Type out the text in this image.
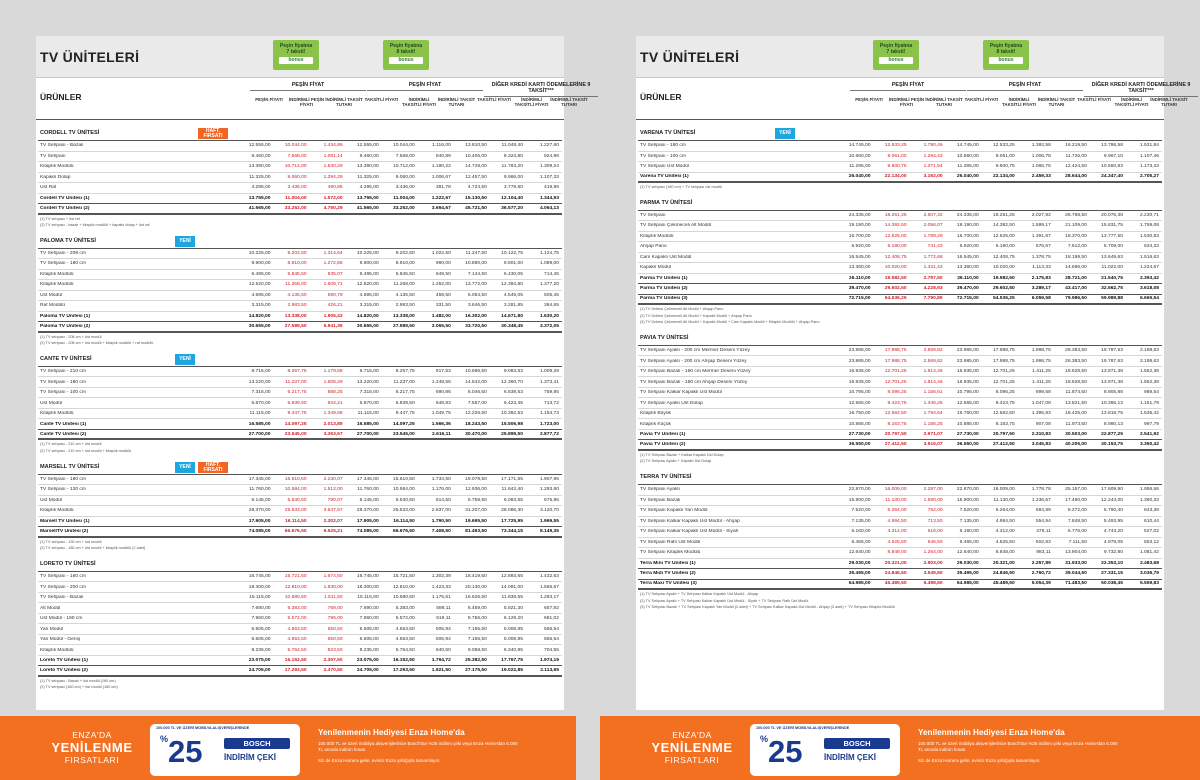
TV ÜNİTELERİ
Peşin fiyatına
7 taksit!
bonus
Peşin fiyatına
8 taksit!
bonus
ÜRÜNLER
PEŞİN FİYAT	PEŞİN FİYAT	DİĞER KREDİ KARTI ÖDEMELERİNE 9 TAKSİT***
PEŞİN FİYATI	İNDİRİMLİ PEŞİN FİYATI
İNDİRİMLİ TAKSİT TUTARI
TAKSİTLİ FİYATI	İNDİRİMLİ TAKSİTLİ FİYATI
İNDİRİMLİ TAKSİT TUTARI
TAKSİTLİ FİYATI	İNDİRİMLİ TAKSİTLİ FİYATI
İNDİRİMLİ TAKSİT TUTARI
CORDELL TV ÜNİTESİ	HAFT. FIRSATI
TV Sehpası - Bazalı	12.555,00	10.044,00	1.434,86	12.555,00	10.044,00	1.116,00	13.810,50	11.048,40	1.227,60
TV Sehpası	9.460,00	7.568,00	1.081,14	9.460,00	7.568,00	840,89	10.406,00	8.324,80	924,98
Kitaplık Modülü	13.390,00	10.712,00	1.530,29	13.390,00	10.712,00	1.190,22	14.729,00	11.783,20	1.309,24
Kapaklı Dolap	11.325,00	9.060,00	1.294,29	11.325,00	9.060,00	1.006,67	12.457,50	9.966,00	1.107,33
Üst Raf	4.295,00	3.436,00	490,86	4.295,00	3.436,00	381,78	4.724,50	3.779,60	419,96
Cordell TV Ünitesi (1)	13.755,00	11.004,00	1.572,00	13.755,00	11.004,00	1.222,67	15.130,50	12.104,40	1.344,93
Cordell TV Ünitesi (2)	41.565,00	33.252,00	4.750,29	41.565,00	33.252,00	3.694,67	45.721,50	36.577,20	4.064,13
(1) TV sehpası + üst raf
(2) TV sehpası - bazalı + kitaplık modülü + kapaklı dolap + üst raf
PALOMA TV ÜNİTESİ	YENİ
TV Sehpası - 208 cm	10.225,00	9.202,50	1.314,64	10.225,00	9.202,50	1.022,50	11.247,50	10.122,75	1.124,75
TV Sehpası - 180 cm	9.900,00	8.910,00	1.272,86	9.900,00	8.910,00	990,00	10.890,00	9.801,00	1.089,00
Kitaplık Modülü	6.495,00	5.845,50	835,07	6.495,00	5.845,50	649,50	7.144,50	6.430,05	714,45
Kitaplık Modülü	12.520,00	11.268,00	1.609,71	12.520,00	11.268,00	1.252,00	13.772,00	12.394,80	1.377,20
Üst Modül	4.595,00	4.135,50	590,79	4.595,00	4.135,50	459,50	5.054,50	4.549,05	505,45
Raf Modülü	3.315,00	2.983,50	426,21	3.315,00	2.983,50	331,50	3.646,50	3.281,85	364,65
Paloma TV Ünitesi (1)	14.820,00	13.338,00	1.905,43	14.820,00	13.338,00	1.482,00	16.302,00	14.671,80	1.630,20
Paloma TV Ünitesi (2)	30.655,00	27.589,50	5.941,36	30.655,00	27.589,50	3.065,50	33.720,50	30.348,45	3.372,05
(1) TV sehpası - 208 cm + üst modül
(2) TV sehpası - 208 cm + üst modül + kitaplık modülü + raf modülü
CANTE TV ÜNİTESİ	YENİ
TV Sehpası - 210 cm	9.715,00	8.257,75	1.179,68	9.715,00	8.257,75	917,53	10.686,50	9.083,53	1.009,28
TV Sehpası - 180 cm	13.220,00	11.237,00	1.605,29	13.220,00	11.237,00	1.248,56	14.542,00	12.360,70	1.373,41
TV Sehpası - 100 cm	7.315,00	6.217,75	888,25	7.315,00	6.217,75	690,86	8.046,50	6.839,53	759,95
Üst Modül	6.870,00	5.839,50	834,21	6.870,00	5.839,50	648,83	7.557,00	6.423,45	713,72
Kitaplık Modülü	11.115,00	9.447,75	1.349,68	11.115,00	9.447,75	1.049,75	12.226,50	10.392,53	1.154,73
Cante TV Ünitesi (1)	16.585,00	14.097,25	2.013,89	16.585,00	14.097,25	1.566,36	18.243,50	15.506,98	1.723,00
Cante TV Ünitesi (2)	27.700,00	23.545,00	3.363,57	27.700,00	23.545,00	2.616,11	30.470,00	25.899,50	2.877,72
(1) TV sehpası - 210 cm + üst modül
(2) TV sehpası - 210 cm + üst modül + kitaplık modülü
MARSELL TV ÜNİTESİ	YENİ	HAFT. FIRSATI
TV Sehpası - 180 cm	17.345,00	15.610,50	2.230,07	17.345,00	15.610,50	1.734,50	19.079,50	17.171,55	1.907,95
TV Sehpası - 130 cm	11.760,00	10.584,00	1.512,00	11.760,00	10.584,00	1.176,00	12.936,00	11.642,40	1.293,60
Üst Modül	6.145,00	5.530,50	790,07	6.145,00	5.530,50	614,50	6.759,50	6.083,55	675,95
Kitaplık Modülü	28.370,00	25.533,00	3.647,57	28.370,00	25.533,00	2.837,00	31.207,00	28.086,30	3.120,70
Marsell TV Ünitesi (1)	17.905,00	16.114,50	2.302,07	17.905,00	16.114,50	1.790,50	19.695,50	17.725,95	1.969,55
MarsellTV Ünitesi (2)	74.085,00	66.676,50	9.525,21	74.085,00	66.676,50	7.408,50	81.493,50	73.344,15	8.149,35
(1) TV sehpası - 130 cm + üst modül
(2) TV sehpası - 180 cm + üst modül + kitaplık modülü (2 adet)
LORETO TV ÜNİTESİ
TV Sehpası - 160 cm	16.745,00	15.721,50	1.674,50	16.745,00	15.721,50	1.302,39	18.419,50	12.893,65	1.432,63
TV Sehpası - 200 cm	18.300,00	12.810,00	1.830,00	18.300,00	12.810,00	1.423,33	20.130,00	14.091,00	1.565,67
TV Sehpası - Bazalı	15.115,00	10.580,50	1.511,50	15.115,00	10.580,50	1.175,61	16.626,50	11.638,55	1.293,17
Alt Modül	7.690,00	5.383,00	769,00	7.690,00	5.383,00	598,11	8.459,00	5.921,30	657,92
Üst Modül - 160 cm	7.960,00	5.572,00	796,00	7.960,00	5.572,00	619,11	8.756,00	6.129,20	681,02
Yan Modül	6.505,00	4.553,50	650,50	6.505,00	4.553,50	505,94	7.155,50	5.008,85	556,54
Yan Modül - Geniş	6.505,00	4.553,50	650,50	6.505,00	4.553,50	505,94	7.155,50	5.008,85	556,54
Kitaplık Modülü	8.235,00	5.764,50	823,50	8.235,00	5.764,50	640,50	9.058,50	6.340,95	704,55
Loreto TV Ünitesi (1)	23.075,00	16.152,50	2.307,50	23.075,00	16.152,50	1.794,72	25.382,50	17.767,75	1.974,19
Loreto TV Ünitesi (2)	24.705,00	17.293,50	2.470,50	24.705,00	17.293,50	1.921,50	27.175,50	19.022,85	2.113,65
(1) TV sehpası - Bazalı + üst modül (160 cm)
(2) TV sehpası (160 cm) + üst modül (160 cm)
TV ÜNİTELERİ
Peşin fiyatına
7 taksit!
bonus
Peşin fiyatına
8 taksit!
bonus
ÜRÜNLER
PEŞİN FİYAT	PEŞİN FİYAT	DİĞER KREDİ KARTI ÖDEMELERİNE 9 TAKSİT***
PEŞİN FİYATI	İNDİRİMLİ PEŞİN FİYATI
İNDİRİMLİ TAKSİT TUTARI
TAKSİTLİ FİYATI	İNDİRİMLİ TAKSİTLİ FİYATI
İNDİRİMLİ TAKSİT TUTARI
TAKSİTLİ FİYATI	İNDİRİMLİ TAKSİTLİ FİYATI
İNDİRİMLİ TAKSİT TUTARI
VARENA TV ÜNİTESİ	YENİ
TV Sehpası - 180 cm	14.745,00	12.533,25	1.790,46	14.745,00	12.533,25	1.392,58	16.219,50	13.786,58	1.531,84
TV Sehpası - 100 cm	10.660,00	9.061,00	1.294,43	10.660,00	9.061,00	1.006,78	11.726,00	9.967,10	1.107,46
TV Sehpası Üst Modül	11.295,00	9.600,75	1.371,54	11.295,00	9.600,75	1.066,75	12.424,50	10.560,83	1.173,43
Varena TV Ünitesi (1)	26.040,00	22.134,00	3.162,00	26.040,00	22.134,00	2.459,33	28.644,00	24.347,40	2.705,27
(1) TV sehpası (180 cm) + TV sehpası üst modül
PARMA TV ÜNİTESİ
TV Sehpası	24.335,00	18.251,25	2.607,32	24.335,00	18.251,25	2.027,92	26.768,50	20.076,38	2.230,71
TV Sehpası Çekmeceli Alt Modül	19.190,00	14.392,50	2.056,07	19.190,00	14.392,50	1.599,17	21.109,00	15.831,75	1.759,08
Kitaplık Modülü	16.700,00	12.525,00	1.789,29	16.700,00	12.525,00	1.391,67	18.370,00	13.777,50	1.530,83
Ahşap Pano	6.920,00	5.190,00	741,43	6.920,00	5.190,00	576,67	7.612,00	5.709,00	634,33
Cam Kapaklı Üst Modül	16.545,00	12.408,75	1.772,68	16.545,00	12.408,75	1.378,75	18.199,50	13.649,63	1.516,63
Kapaklı Modül	13.360,00	10.020,00	1.431,43	13.360,00	10.020,00	1.113,33	14.696,00	11.022,00	1.224,67
Parma TV Ünitesi (1)	26.110,00	19.582,50	2.797,50	26.110,00	19.582,50	2.175,83	28.721,00	21.540,75	2.393,42
Parma TV Ünitesi (2)	39.470,00	29.602,50	4.228,93	39.470,00	29.602,50	3.289,17	43.417,00	32.562,75	3.618,08
Parma TV Ünitesi (3)	72.715,00	54.536,25	7.790,89	72.715,00	54.536,25	6.059,58	79.986,50	59.989,88	6.665,54
(1) TV Ünitesi Çekmeceli Alt Modül + Ahşap Pano
(2) TV Ünitesi Çekmeceli Alt Modül + Kapaklı Modül + Ahşap Pano
(3) TV Ünitesi Çekmeceli Alt Modül + Kapaklı Modül + Cam Kapaklı Modül + Kitaplık Modülü + Ahşap Pano
PAVIA TV ÜNİTESİ
TV Sehpası Ayaklı - 200 cm Mermer Deseni Yüzey	23.985,00	17.988,75	2.569,82	23.985,00	17.988,75	1.998,75	26.383,50	19.787,63	2.198,63
TV Sehpası Ayaklı - 200 cm Ahşap Deseni Yüzey	23.985,00	17.988,75	2.569,82	23.985,00	17.988,75	1.998,75	26.383,50	19.787,63	2.198,63
TV Sehpası Bazalı - 160 cm Mermer Deseni Yüzey	16.935,00	12.701,25	1.814,46	16.935,00	12.701,25	1.411,25	18.628,50	13.971,38	1.552,38
TV Sehpası Bazalı - 160 cm Ahşap Deseni Yüzey	16.935,00	12.701,25	1.814,46	16.935,00	12.701,25	1.411,25	18.628,50	13.971,38	1.552,38
TV Sehpası Kalkar Kapaklı Üst Modül	10.795,00	8.096,25	1.156,61	10.795,00	8.096,25	899,58	11.874,50	8.905,88	989,54
TV Sehpası Ayaklı Üst Dolap	12.565,00	9.423,75	1.346,25	12.565,00	9.423,75	1.047,08	13.821,50	10.366,13	1.151,79
Kitaplık Büyük	16.750,00	12.562,50	1.794,64	16.750,00	12.562,50	1.395,83	18.425,00	13.818,75	1.535,42
Kitaplık Küçük	10.885,00	8.163,75	1.166,25	10.885,00	8.163,75	907,08	11.973,50	8.980,13	997,79
Pavia TV Ünitesi (1)	27.730,00	20.797,50	2.971,07	27.730,00	20.797,50	2.310,83	30.503,00	22.877,25	2.541,92
Pavia TV Ünitesi (2)	36.550,00	27.412,50	3.916,07	36.550,00	27.412,50	3.045,83	40.205,00	30.153,75	3.350,42
(1) TV Sehpası Bazalı + Kalkar Kapaklı Üst Dolap
(2) TV Sehpası Ayaklı + Kapaklı Üst Dolap
TERRA TV ÜNİTESİ
TV Sehpası Ayaklı	22.870,00	16.009,00	2.287,00	22.870,00	16.009,00	1.778,78	25.157,00	17.609,90	1.956,66
TV Sehpası Bazalı	15.900,00	11.130,00	1.590,00	15.900,00	11.130,00	1.236,67	17.490,00	12.243,00	1.360,33
TV Sehpası Kapaklı Yan Modül	7.520,00	5.264,00	752,00	7.520,00	5.264,00	584,89	8.272,00	5.790,40	643,38
TV Sehpası Kalkar Kapaklı Üst Modül - Ahşap	7.135,00	4.994,50	713,50	7.135,00	4.994,50	554,94	7.848,50	5.493,95	610,44
TV Sehpası Kalkar Kapaklı Üst Modül - Siyah	6.160,00	4.312,00	616,00	6.160,00	4.312,00	479,11	6.776,00	4.743,20	527,02
TV Sehpası Raflı Üst Modül	6.465,00	4.525,50	646,50	6.465,00	4.525,50	502,83	7.111,50	4.978,05	553,12
TV Sehpası Kitaplık Modülü	12.640,00	8.848,00	1.264,00	12.640,00	8.848,00	983,11	13.904,00	9.732,80	1.081,42
Terra Mini TV Ünitesi (1)	29.030,00	20.321,00	2.903,00	29.030,00	20.321,00	2.257,89	31.933,00	22.353,10	2.483,68
Terra Midi TV Ünitesi (2)	35.495,00	24.846,50	3.549,50	35.495,00	24.846,50	2.760,72	39.044,50	27.331,15	3.036,79
Terra Maxi TV Ünitesi (3)	64.985,00	45.489,50	6.498,50	64.985,00	45.489,50	5.054,39	71.483,50	50.038,45	5.559,83
(1) TV Sehpası Ayaklı + TV Sehpası Kalkar Kapaklı Üst Modül - Ahşap
(2) TV Sehpası Ayaklı + TV Sehpası Kalkar Kapaklı Üst Modül - Siyah + TV Sehpası Raflı Üst Modül
(3) TV Sehpası Bazalı + TV Sehpası Kapaklı Yan Modül (2 adet) + TV Sehpası Kalkar Kapaklı Üst Modül - Ahşap (3 adet) + TV Sehpası Kitaplık Modülü
ENZA'DA
YENİLENME
FIRSATLARI
100.000 TL VE ÜZERİ MOBİLYA ALIŞVERİŞLERİNDE
%25	BOSCH
İNDİRİM ÇEKİ
Yenilenmenin Hediyesi Enza Home'da
100.000 TL ve üzeri mobilya alışverişlerinize Bosch'tan %25 indirim çeki veya Enza Home'dan 6.000 TL anında indirim fırsatı.
Siz de Enza Home'a gelin, evinizi Enza şıklığıyla tamamlayın.
ENZA'DA
YENİLENME
FIRSATLARI
100.000 TL VE ÜZERİ MOBİLYA ALIŞVERİŞLERİNDE
%25	BOSCH
İNDİRİM ÇEKİ
Yenilenmenin Hediyesi Enza Home'da
100.000 TL ve üzeri mobilya alışverişlerinize Bosch'tan %25 indirim çeki veya Enza Home'dan 6.000 TL anında indirim fırsatı.
Siz de Enza Home'a gelin, evinizi Enza şıklığıyla tamamlayın.
